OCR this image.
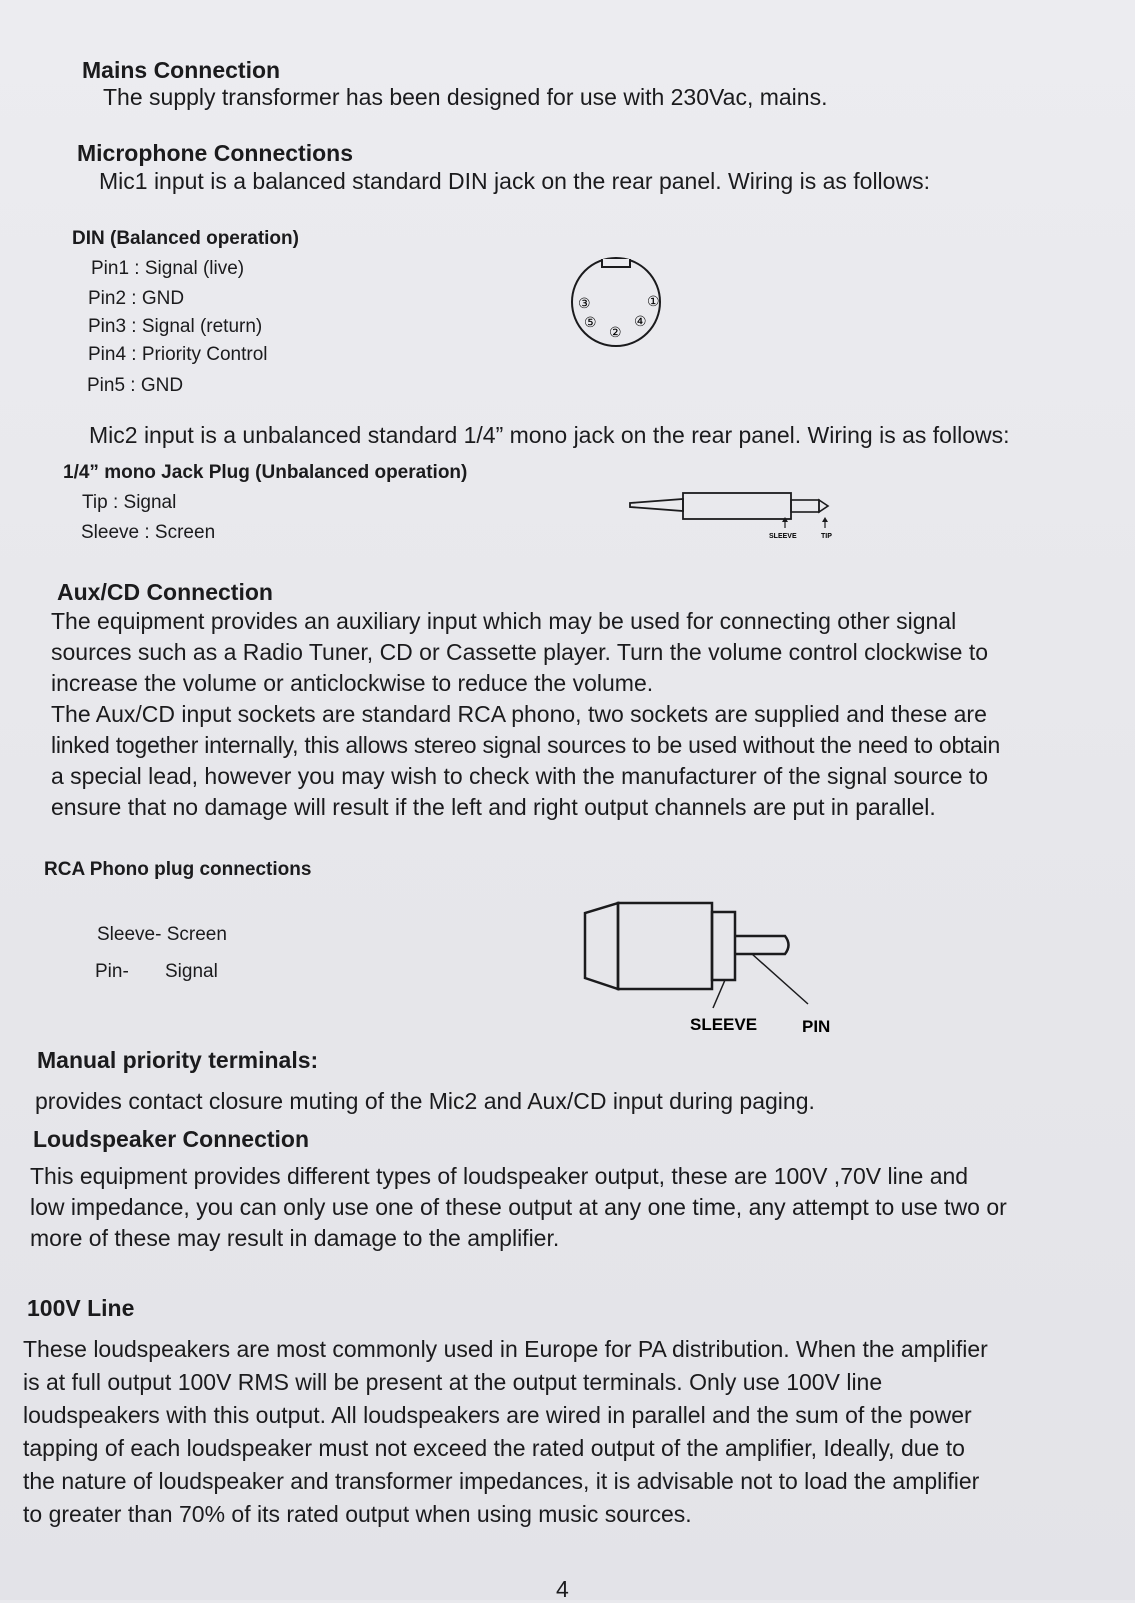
Mains Connection
The supply transformer has been designed for use with 230Vac, mains.
Microphone Connections
Mic1 input is a balanced standard DIN jack on the rear panel. Wiring is as follows:
DIN (Balanced operation)
Pin1 : Signal (live)
Pin2 : GND
Pin3 : Signal (return)
Pin4 : Priority Control
Pin5 : GND
③	①
⑤
②
④
Mic2 input is a unbalanced standard 1/4” mono jack on the rear panel. Wiring is as follows:
1/4” mono Jack Plug (Unbalanced operation)
Tip : Signal
Sleeve : Screen	SLEEVE	TIP
Aux/CD Connection
The equipment provides an auxiliary input which may be used for connecting other signal
sources such as a Radio Tuner, CD or Cassette player. Turn the volume control clockwise to
increase the volume or anticlockwise to reduce the volume.
The Aux/CD input sockets are standard RCA phono, two sockets are supplied and these are
linked together internally, this allows stereo signal sources to be used without the need to obtain
a special lead, however you may wish to check with the manufacturer of the signal source to
ensure that no damage will result if the left and right output channels are put in parallel.
RCA Phono plug connections
Sleeve- Screen
Pin- Signal
SLEEVE	PIN
Manual priority terminals:
provides contact closure muting of the Mic2 and Aux/CD input during paging.
Loudspeaker Connection
This equipment provides different types of loudspeaker output, these are 100V ,70V line and
low impedance, you can only use one of these output at any one time, any attempt to use two or
more of these may result in damage to the amplifier.
100V Line
These loudspeakers are most commonly used in Europe for PA distribution. When the amplifier
is at full output 100V RMS will be present at the output terminals. Only use 100V line
loudspeakers with this output. All loudspeakers are wired in parallel and the sum of the power
tapping of each loudspeaker must not exceed the rated output of the amplifier, Ideally, due to
the nature of loudspeaker and transformer impedances, it is advisable not to load the amplifier
to greater than 70% of its rated output when using music sources.
4
